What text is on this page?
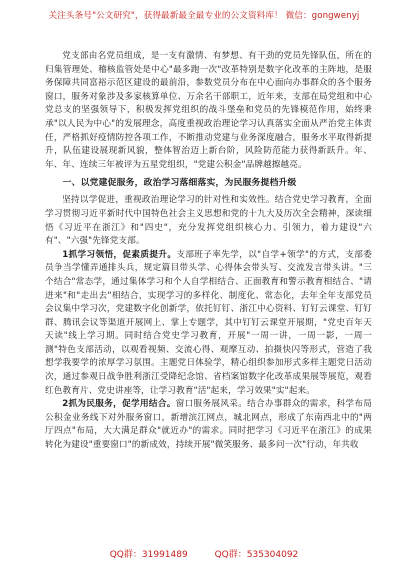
关注头条号"公文研究"，获得最新最全最专业的公文资料库！ 微信：gongwenyj

党支部由名党员组成，是一支有激情、有梦想、有干劲的党员先锋队伍，所在的归集管理处、稽核监管处是中心"最多跑一次"改革特别是数字化改革的主阵地，是服务保障共同富裕示范区建设的最前沿，参数党员分布在中心面向办事群众的各个服务窗口，服务对象涉及多家核算单位、万余名干部职工，近年来，支部在局党组和中心党总支的坚强领导下，积极发挥党组织的战斗堡垒和党员的先锋模范作用，始终秉承"以人民为中心"的发展理念，高度重视政治理论学习认真落实全面从严治党主体责任，严格抓好疫情防控各项工作，不断推动党建与业务深度融合，服务水平取得新提升，队伍建设展现新风貌，整体智治迈上新台阶，风险防范能力获得新跃升。年、年、年、连续三年被评为五星党组织，"党建公积金"品牌越擦越亮。

一、以党建促服务，政治学习落细落实，为民服务提档升级

坚持以学促进，重视政治理论学习的针对性和实效性。结合党史学习教育，全面学习贯彻习近平新时代中国特色社会主义思想和党的十九大及历次全会精神，深读细悟《习近平在浙江》和"四史"，充分发挥党组织核心力、引领力，着力建设"六有"、"六强"先锋党支部。

1抓学习领悟，促素质提升。支部班子率先学，以"自学+领学"的方式，支部委员争当学懂弄通排头兵，规定篇目带头学、心得体会带头写、交流发言带头讲。"三个结合"常态学，通过集体学习和个人自学相结合、正面教育和警示教育相结合、"请进来"和"走出去"相结合，实现学习的多样化、制度化、常态化，去年全年支部党员会议集中学习次，党建数字化创新学，依托钉钉、浙江中心资料、钉钉云课堂、钉钉群、腾讯会议等渠道开展网上、掌上专题学，其中钉钉云课堂开展期，"党史百年天天读"线上学习期。同时结合党史学习教育，开展"一周一讲，一周一影，一周一测"特色支部活动，以观看视频、交流心得、观摩互动、拍摄快闪等形式，营造了我想学我要学的浓厚学习氛围。主题党日体验学，精心组织参加形式多样主题党日活动次，通过参观日战争胜利浙江受降纪念馆、省档案馆数字化改革成果展等展览，观看红色教育片、党史讲座等，让学习教育"活"起来，学习效果"实"起来。

2抓为民服务，促学用结合。窗口服务展风采。结合办事群众的需求，科学布局公积金业务线下对外服务窗口，新增滨江网点，城北网点，形成了东南西北中的"两厅四点"布局，大大满足群众"就近办"的需求。同时把学习《习近平在浙江》的成果转化为建设"重要窗口"的新成效，持续开展"微笑服务、最多问一次"行动，年共收

QQ群：31991489	QQ群：535304092
